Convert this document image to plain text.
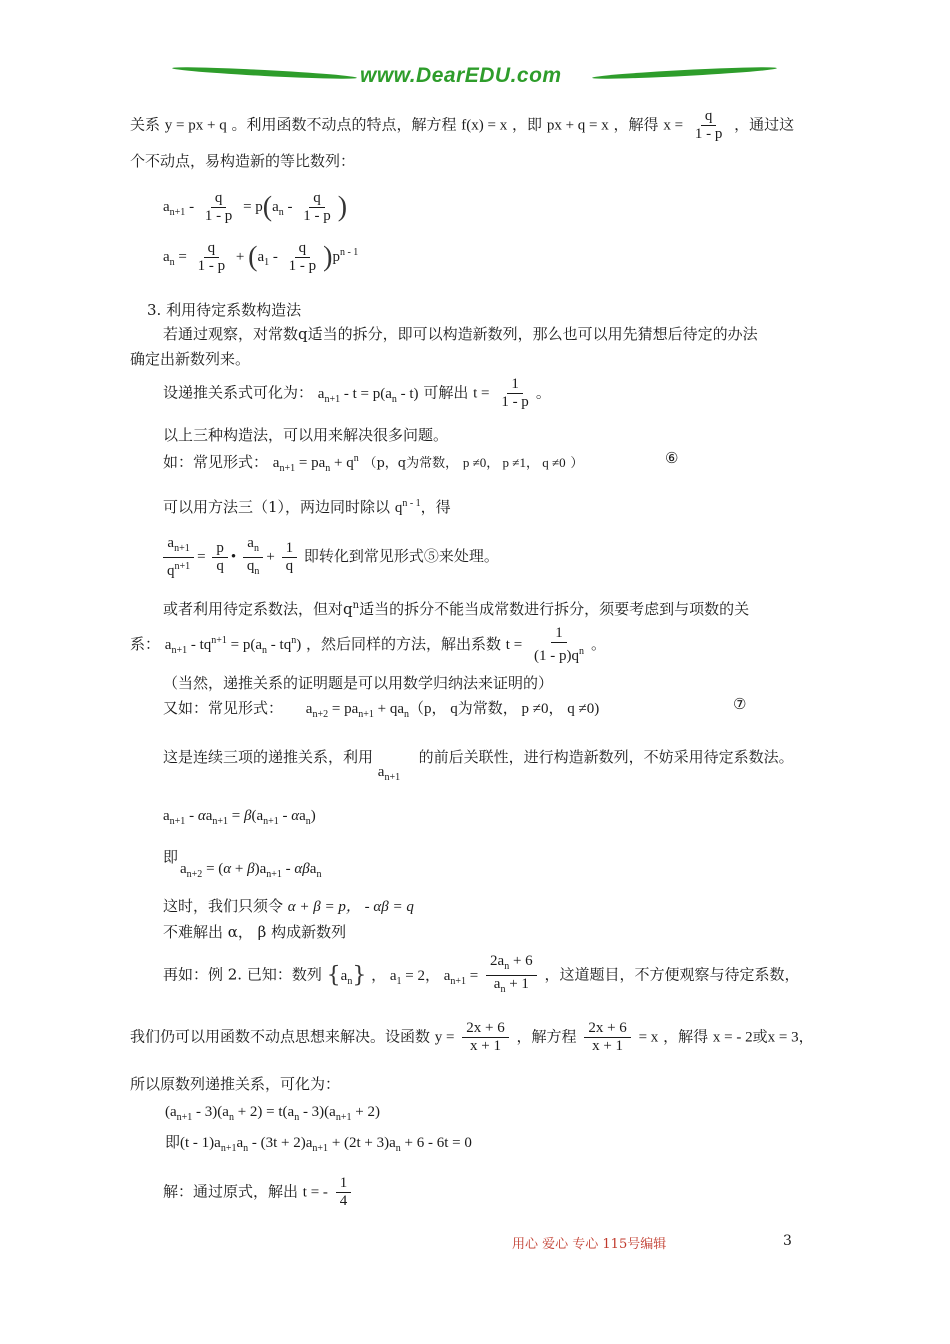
www.DearEDU.com
关系 y = px + q 。利用函数不动点的特点，解方程 f(x) = x ，即 px + q = x ，解得 $x = \frac{q}{1 - p}$ ，通过这
个不动点，易构造新的等比数列：
$a_{n+1} - \frac{q}{1 - p} = p(a_n - \frac{q}{1 - p}$ )
$a_n = \frac{q}{1 - p} + (a_1 - \frac{q}{1 - p} )p^{n - 1}$
3. 利用待定系数构造法
若通过观察，对常数q适当的拆分，即可以构造新数列，那么也可以用先猜想后待定的办法
确定出新数列来。
设递推关系式可化为： $a_{n+1} - t = p(a_n - t)$ 可解出 $t = \frac{1}{1 - p}$ 。
以上三种构造法，可以用来解决很多问题。
如：常见形式： $a_{n+1} = pa_n + q^n$ （p，q为常数， p ≠0， p ≠1， q ≠0 ）	⑥
可以用方法三（1），两边同时除以 $q^{n - 1}$，得
$\frac{a_{n+1}}{q^{n+1}} = \frac{p}{q}$ • $\frac{a_n}{q_n} + \frac{1}{q}$ 即转化到常见形式⑤来处理。
或者利用待定系数法，但对$q^n$适当的拆分不能当成常数进行拆分，须要考虑到与项数的关
系： $a_{n+1} - tq^{n+1} = p(a_n - tq^n)$ ，然后同样的方法，解出系数 $t = \frac{1}{(1 - p)q^n}$ 。
（当然，递推关系的证明题是可以用数学归纳法来证明的）
又如：常见形式： $a_{n+2} = pa_{n+1} + qa_n(p$， q为常数， p ≠0， q ≠0)	⑦
这是连续三项的递推关系，利用 $a_{n+1}$ 的前后关联性，进行构造新数列，不妨采用待定系数法。
$a_{n+1} - \alpha a_{n+1} = \beta(a_{n+1} - \alpha a_n)$
即
$a_{n+2} = (\alpha + \beta)a_{n+1} - \alpha\beta a_n$
这时，我们只须令 α + β = p， - αβ = q
不难解出 α， β 构成新数列
再如：例 2. 已知：数列 $\{a_n\}$ ， $a_1 = 2$， $a_{n+1} = \frac{2a_n + 6}{a_n + 1}$ ，这道题目，不方便观察与待定系数，
我们仍可以用函数不动点思想来解决。设函数 $y = \frac{2x + 6}{x + 1}$ ，解方程 $\frac{2x + 6}{x + 1} = x$ ，解得 x = - 2或x = 3，
所以原数列递推关系，可化为：
$(a_{n+1} - 3)(a_n + 2) = t(a_n - 3)(a_{n+1} + 2)$
即$(t - 1)a_{n+1}a_n - (3t + 2)a_{n+1} + (2t + 3)a_n + 6 - 6t = 0$
解：通过原式，解出 t = - $\frac{1}{4}$
用心 爱心 专心 115号编辑	3
